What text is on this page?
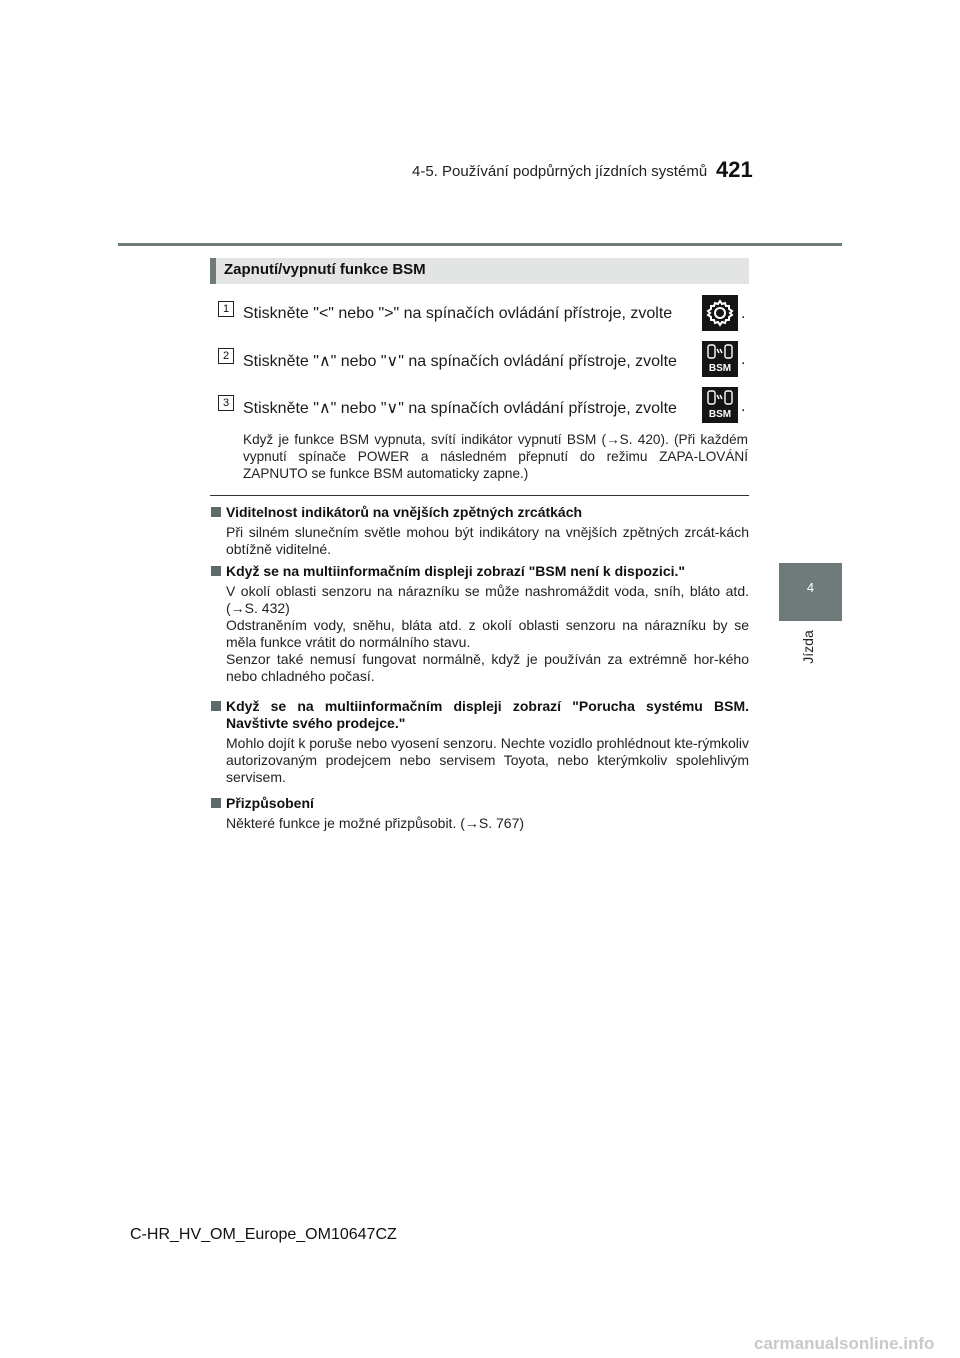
4-5. Používání podpůrných jízdních systémů 421
4
Jízda
Zapnutí/vypnutí funkce BSM
1 Stiskněte "<" nebo ">" na spínačích ovládání přístroje, zvolte	.
2 Stiskněte "∧" nebo "∨" na spínačích ovládání přístroje, zvolte	BSM
.
3 Stiskněte "∧" nebo "∨" na spínačích ovládání přístroje, zvolte	BSM .
Když je funkce BSM vypnuta, svítí indikátor vypnutí BSM (→S. 420). (Při každém vypnutí spínače POWER a následném přepnutí do režimu ZAPA-LOVÁNÍ ZAPNUTO se funkce BSM automaticky zapne.)
Viditelnost indikátorů na vnějších zpětných zrcátkách
Při silném slunečním světle mohou být indikátory na vnějších zpětných zrcát-kách obtížně viditelné.
Když se na multiinformačním displeji zobrazí "BSM není k dispozici."
V okolí oblasti senzoru na nárazníku se může nashromáždit voda, sníh, bláto atd. (→S. 432)
Odstraněním vody, sněhu, bláta atd. z okolí oblasti senzoru na nárazníku by se měla funkce vrátit do normálního stavu.
Senzor také nemusí fungovat normálně, když je používán za extrémně hor-kého nebo chladného počasí.
Když se na multiinformačním displeji zobrazí "Porucha systému BSM. Navštivte svého prodejce."
Mohlo dojít k poruše nebo vyosení senzoru. Nechte vozidlo prohlédnout kte-rýmkoliv autorizovaným prodejcem nebo servisem Toyota, nebo kterýmkoliv spolehlivým servisem.
Přizpůsobení
Některé funkce je možné přizpůsobit. (→S. 767)
C-HR_HV_OM_Europe_OM10647CZ
carmanualsonline.info
